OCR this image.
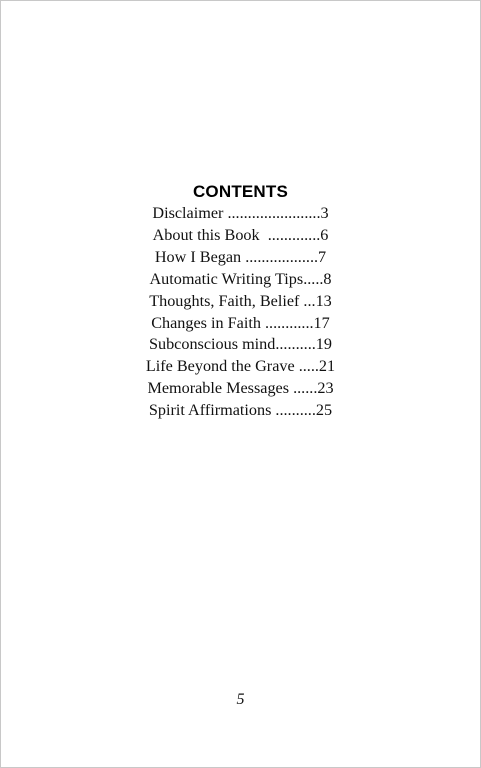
CONTENTS
Disclaimer .......................3
About this Book  .............6
How I Began ..................7
Automatic Writing Tips.....8
Thoughts, Faith, Belief ...13
Changes in Faith ............17
Subconscious mind..........19
Life Beyond the Grave .....21
Memorable Messages ......23
Spirit Affirmations ..........25
5
